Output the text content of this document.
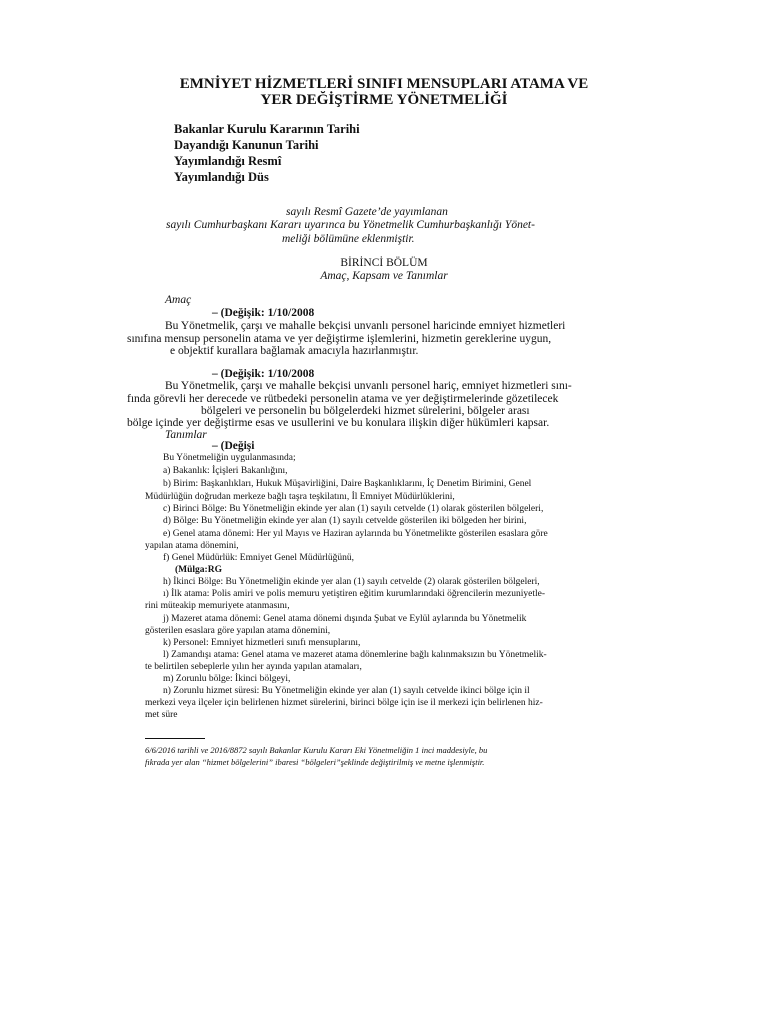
EMNİYET HİZMETLERİ SINIFI MENSUPLARI ATAMA VE
YER DEĞİŞTİRME YÖNETMELİĞİ
Bakanlar Kurulu Kararının Tarihi
Dayandığı Kanunun Tarihi
Yayımlandığı Resmî
Yayımlandığı Düs
sayılı Resmî Gazete’de yayımlanan
sayılı Cumhurbaşkanı Kararı uyarınca bu Yönetmelik Cumhurbaşkanlığı Yönet-
meliği bölümüne eklenmiştir.
BİRİNCİ BÖLÜM
Amaç, Kapsam ve Tanımlar
Amaç
– (Değişik: 1/10/2008
Bu Yönetmelik, çarşı ve mahalle bekçisi unvanlı personel haricinde emniyet hizmetleri
sınıfına mensup personelin atama ve yer değiştirme işlemlerini, hizmetin gereklerine uygun,
e objektif kurallara bağlamak amacıyla hazırlanmıştır.
– (Değişik: 1/10/2008
Bu Yönetmelik, çarşı ve mahalle bekçisi unvanlı personel hariç, emniyet hizmetleri sını-
fında görevli her derecede ve rütbedeki personelin atama ve yer değiştirmelerinde gözetilecek
bölgeleri ve personelin bu bölgelerdeki hizmet sürelerini, bölgeler arası
bölge içinde yer değiştirme esas ve usullerini ve bu konulara ilişkin diğer hükümleri kapsar.
Tanımlar
– (Değişi
Bu Yönetmeliğin uygulanmasında;
a) Bakanlık: İçişleri Bakanlığını,
b) Birim: Başkanlıkları, Hukuk Müşavirliğini, Daire Başkanlıklarını, İç Denetim Birimini, Genel
Müdürlüğün doğrudan merkeze bağlı taşra teşkilatını, İl Emniyet Müdürlüklerini,
c) Birinci Bölge: Bu Yönetmeliğin ekinde yer alan (1) sayılı cetvelde (1) olarak gösterilen bölgeleri,
d) Bölge: Bu Yönetmeliğin ekinde yer alan (1) sayılı cetvelde gösterilen iki bölgeden her birini,
e) Genel atama dönemi: Her yıl Mayıs ve Haziran aylarında bu Yönetmelikte gösterilen esaslara göre
yapılan atama dönemini,
f) Genel Müdürlük: Emniyet Genel Müdürlüğünü,
(Mülga:RG
h) İkinci Bölge: Bu Yönetmeliğin ekinde yer alan (1) sayılı cetvelde (2) olarak gösterilen bölgeleri,
ı) İlk atama: Polis amiri ve polis memuru yetiştiren eğitim kurumlarındaki öğrencilerin mezuniyetle-
rini müteakip memuriyete atanmasını,
j) Mazeret atama dönemi: Genel atama dönemi dışında Şubat ve Eylül aylarında bu Yönetmelik
gösterilen esaslara göre yapılan atama dönemini,
k) Personel: Emniyet hizmetleri sınıfı mensuplarını,
l) Zamandışı atama: Genel atama ve mazeret atama dönemlerine bağlı kalınmaksızın bu Yönetmelik-
te belirtilen sebeplerle yılın her ayında yapılan atamaları,
m) Zorunlu bölge: İkinci bölgeyi,
n) Zorunlu hizmet süresi: Bu Yönetmeliğin ekinde yer alan (1) sayılı cetvelde ikinci bölge için il
merkezi veya ilçeler için belirlenen hizmet sürelerini, birinci bölge için ise il merkezi için belirlenen hiz-
met süre
6/6/2016 tarihli ve 2016/8872 sayılı Bakanlar Kurulu Kararı Eki Yönetmeliğin 1 inci maddesiyle, bu
fıkrada yer alan “hizmet bölgelerini” ibaresi “bölgeleri”şeklinde değiştirilmiş ve metne işlenmiştir.
